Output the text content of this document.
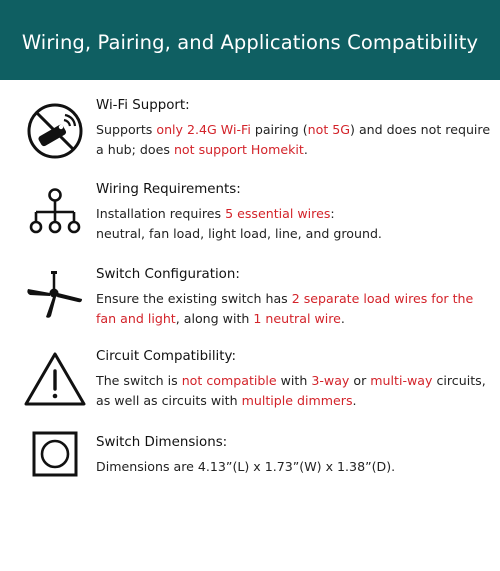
Wiring, Pairing, and Applications Compatibility

Wi-Fi Support:

Supports only 2.4G Wi-Fi pairing (not 5G) and does not require a hub; does not support Homekit.

Wiring Requirements:

Installation requires 5 essential wires:
neutral, fan load, light load, line, and ground.

Switch Configuration:

Ensure the existing switch has 2 separate load wires for the fan and light, along with 1 neutral wire.

Circuit Compatibility:

The switch is not compatible with 3-way or multi-way circuits, as well as circuits with multiple dimmers.

Switch Dimensions:

Dimensions are 4.13”(L) x 1.73”(W) x 1.38”(D).
